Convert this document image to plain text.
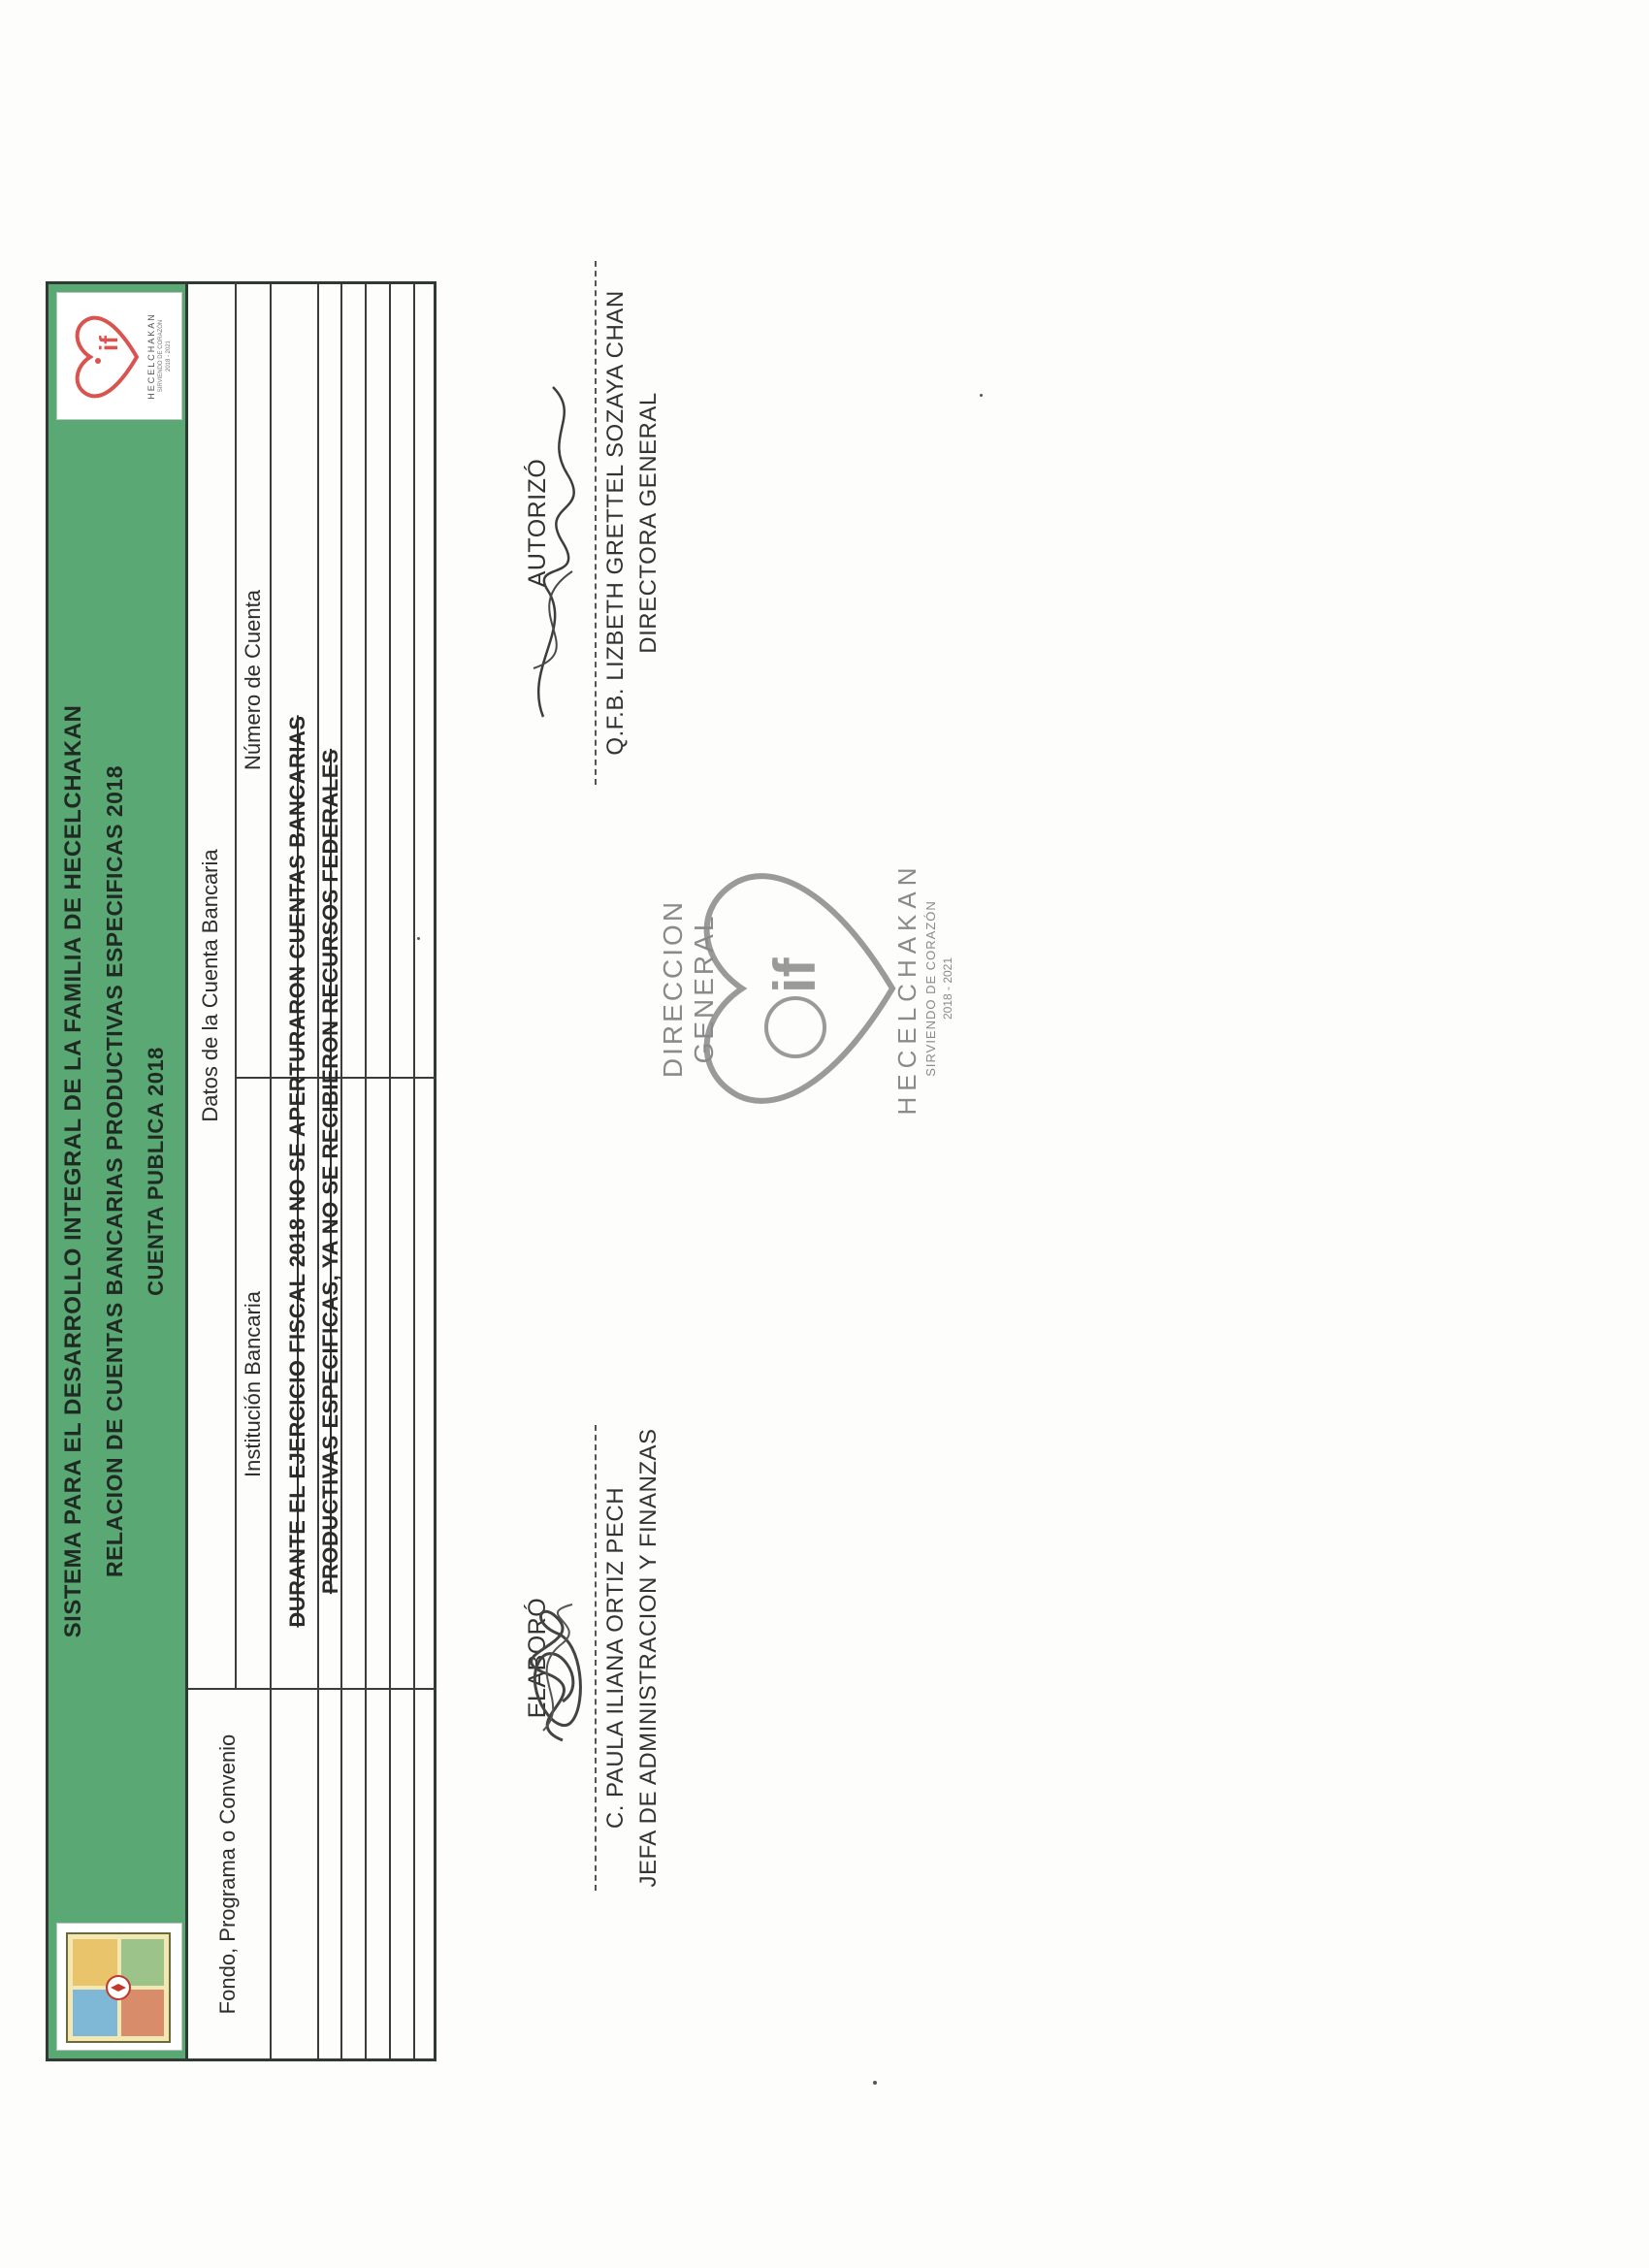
SISTEMA PARA EL DESARROLLO INTEGRAL DE LA FAMILIA DE HECELCHAKAN RELACION DE CUENTAS BANCARIAS PRODUCTIVAS ESPECIFICAS 2018 CUENTA PUBLICA 2018
if	HECELCHAKAN SIRVIENDO DE CORAZÓN 2018 - 2021
Fondo, Programa o Convenio
Datos de la Cuenta Bancaria
Institución Bancaria
Número de Cuenta
DURANTE EL EJERCICIO FISCAL 2018 NO SE APERTURARON CUENTAS BANCARIAS PRODUCTIVAS ESPECIFICAS, YA NO SE RECIBIERON RECURSOS FEDERALES
ELABORÓ C. PAULA ILIANA ORTIZ PECH JEFA DE ADMINISTRACION Y FINANZAS
AUTORIZÓ Q.F.B. LIZBETH GRETTEL SOZAYA CHAN DIRECTORA GENERAL
if
DIRECCION GENERAL	HECELCHAKAN SIRVIENDO DE CORAZÓN 2018 - 2021
